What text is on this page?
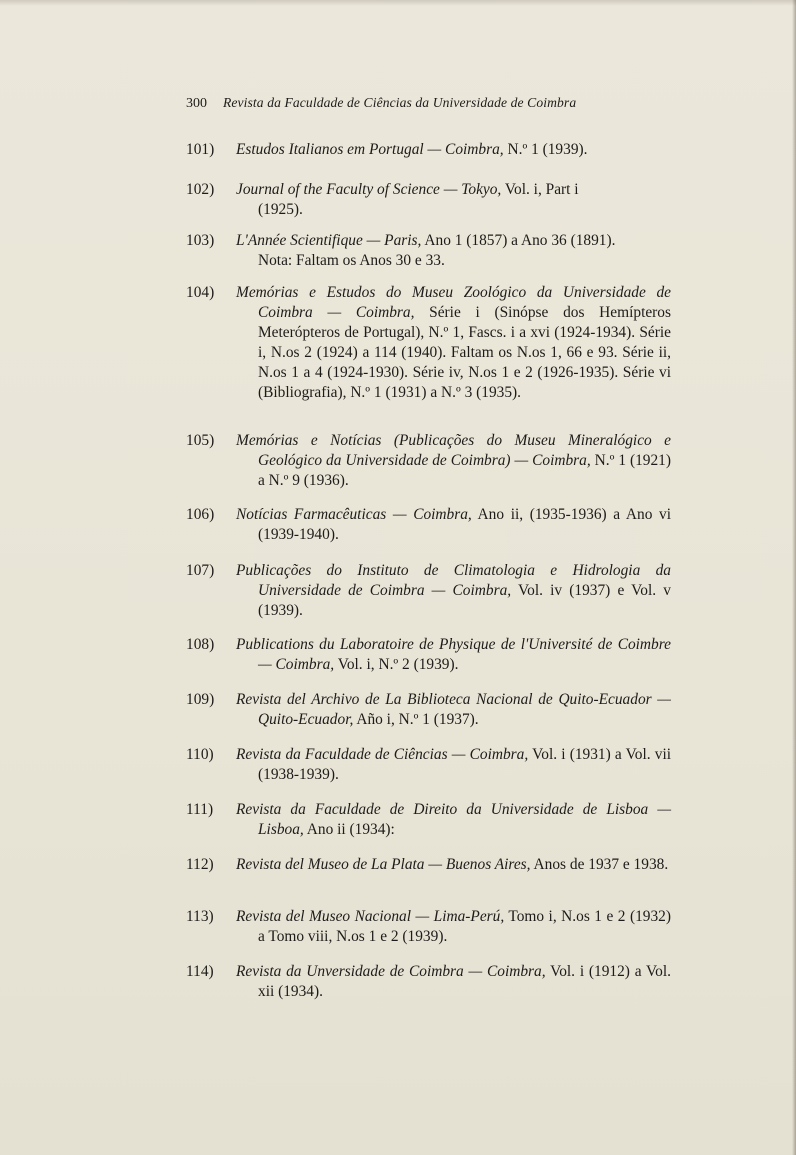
300 Revista da Faculdade de Ciências da Universidade de Coimbra
101)	Estudos Italianos em Portugal — Coimbra, N.º 1 (1939).
102)	Journal of the Faculty of Science — Tokyo, Vol. i, Part i
(1925).
103)	L'Année Scientifique — Paris, Ano 1 (1857) a Ano 36 (1891).
Nota: Faltam os Anos 30 e 33.
104)	Memórias e Estudos do Museu Zoológico da Universidade de Coimbra — Coimbra, Série i (Sinópse dos Hemípteros Meterópteros de Portugal), N.º 1, Fascs. i a xvi (1924-1934). Série i, N.os 2 (1924) a 114 (1940). Faltam os N.os 1, 66 e 93. Série ii, N.os 1 a 4 (1924-1930). Série iv, N.os 1 e 2 (1926-1935). Série vi (Bibliografia), N.º 1 (1931) a N.º 3 (1935).
105)	Memórias e Notícias (Publicações do Museu Mineralógico e Geológico da Universidade de Coimbra) — Coimbra, N.º 1 (1921) a N.º 9 (1936).
106)	Notícias Farmacêuticas — Coimbra, Ano ii, (1935-1936) a Ano vi (1939-1940).
107)	Publicações do Instituto de Climatologia e Hidrologia da Universidade de Coimbra — Coimbra, Vol. iv (1937) e Vol. v (1939).
108)	Publications du Laboratoire de Physique de l'Université de Coimbre — Coimbra, Vol. i, N.º 2 (1939).
109)	Revista del Archivo de La Biblioteca Nacional de Quito-Ecuador — Quito-Ecuador, Año i, N.º 1 (1937).
110)	Revista da Faculdade de Ciências — Coimbra, Vol. i (1931) a Vol. vii (1938-1939).
111)	Revista da Faculdade de Direito da Universidade de Lisboa — Lisboa, Ano ii (1934):
112)	Revista del Museo de La Plata — Buenos Aires, Anos de 1937 e 1938.
113)	Revista del Museo Nacional — Lima-Perú, Tomo i, N.os 1 e 2 (1932) a Tomo viii, N.os 1 e 2 (1939).
114)	Revista da Unversidade de Coimbra — Coimbra, Vol. i (1912) a Vol. xii (1934).
